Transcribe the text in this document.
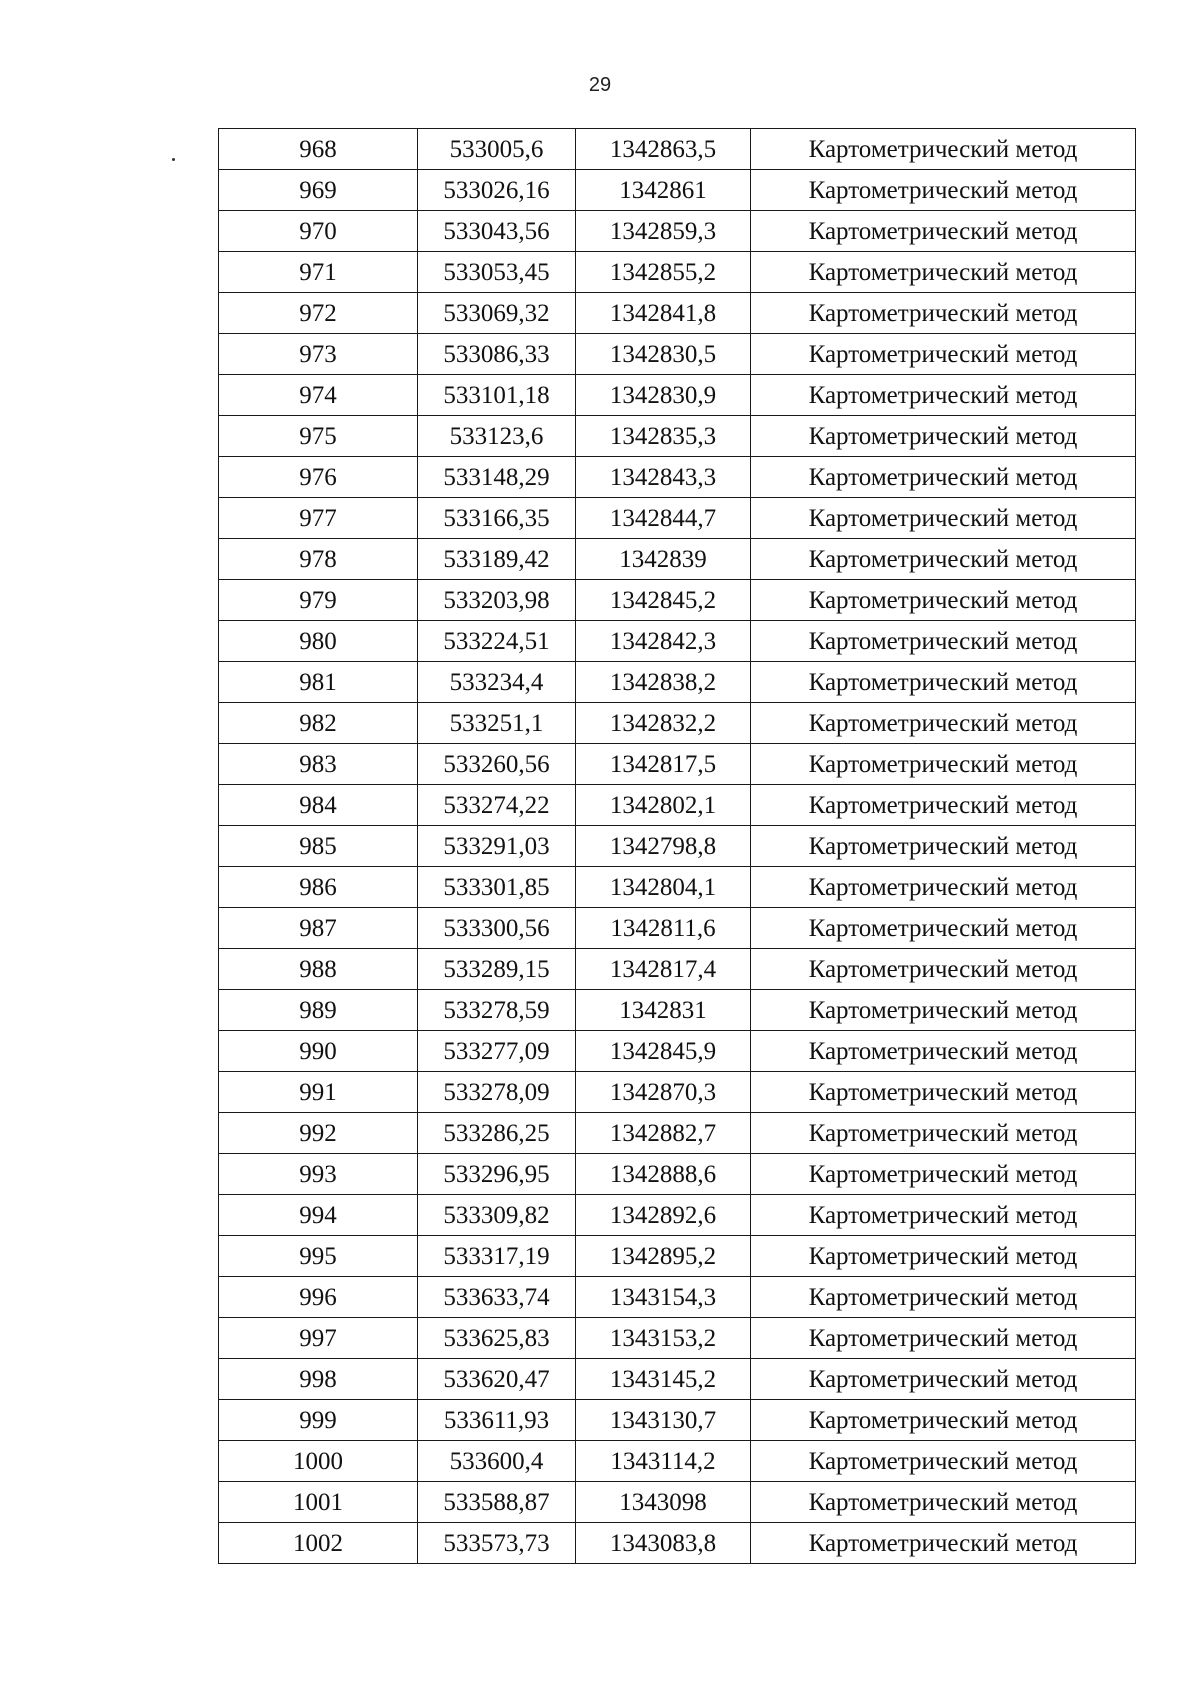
29
968	533005,6	1342863,5	Картометрический метод
969	533026,16	1342861	Картометрический метод
970	533043,56	1342859,3	Картометрический метод
971	533053,45	1342855,2	Картометрический метод
972	533069,32	1342841,8	Картометрический метод
973	533086,33	1342830,5	Картометрический метод
974	533101,18	1342830,9	Картометрический метод
975	533123,6	1342835,3	Картометрический метод
976	533148,29	1342843,3	Картометрический метод
977	533166,35	1342844,7	Картометрический метод
978	533189,42	1342839	Картометрический метод
979	533203,98	1342845,2	Картометрический метод
980	533224,51	1342842,3	Картометрический метод
981	533234,4	1342838,2	Картометрический метод
982	533251,1	1342832,2	Картометрический метод
983	533260,56	1342817,5	Картометрический метод
984	533274,22	1342802,1	Картометрический метод
985	533291,03	1342798,8	Картометрический метод
986	533301,85	1342804,1	Картометрический метод
987	533300,56	1342811,6	Картометрический метод
988	533289,15	1342817,4	Картометрический метод
989	533278,59	1342831	Картометрический метод
990	533277,09	1342845,9	Картометрический метод
991	533278,09	1342870,3	Картометрический метод
992	533286,25	1342882,7	Картометрический метод
993	533296,95	1342888,6	Картометрический метод
994	533309,82	1342892,6	Картометрический метод
995	533317,19	1342895,2	Картометрический метод
996	533633,74	1343154,3	Картометрический метод
997	533625,83	1343153,2	Картометрический метод
998	533620,47	1343145,2	Картометрический метод
999	533611,93	1343130,7	Картометрический метод
1000	533600,4	1343114,2	Картометрический метод
1001	533588,87	1343098	Картометрический метод
1002	533573,73	1343083,8	Картометрический метод
